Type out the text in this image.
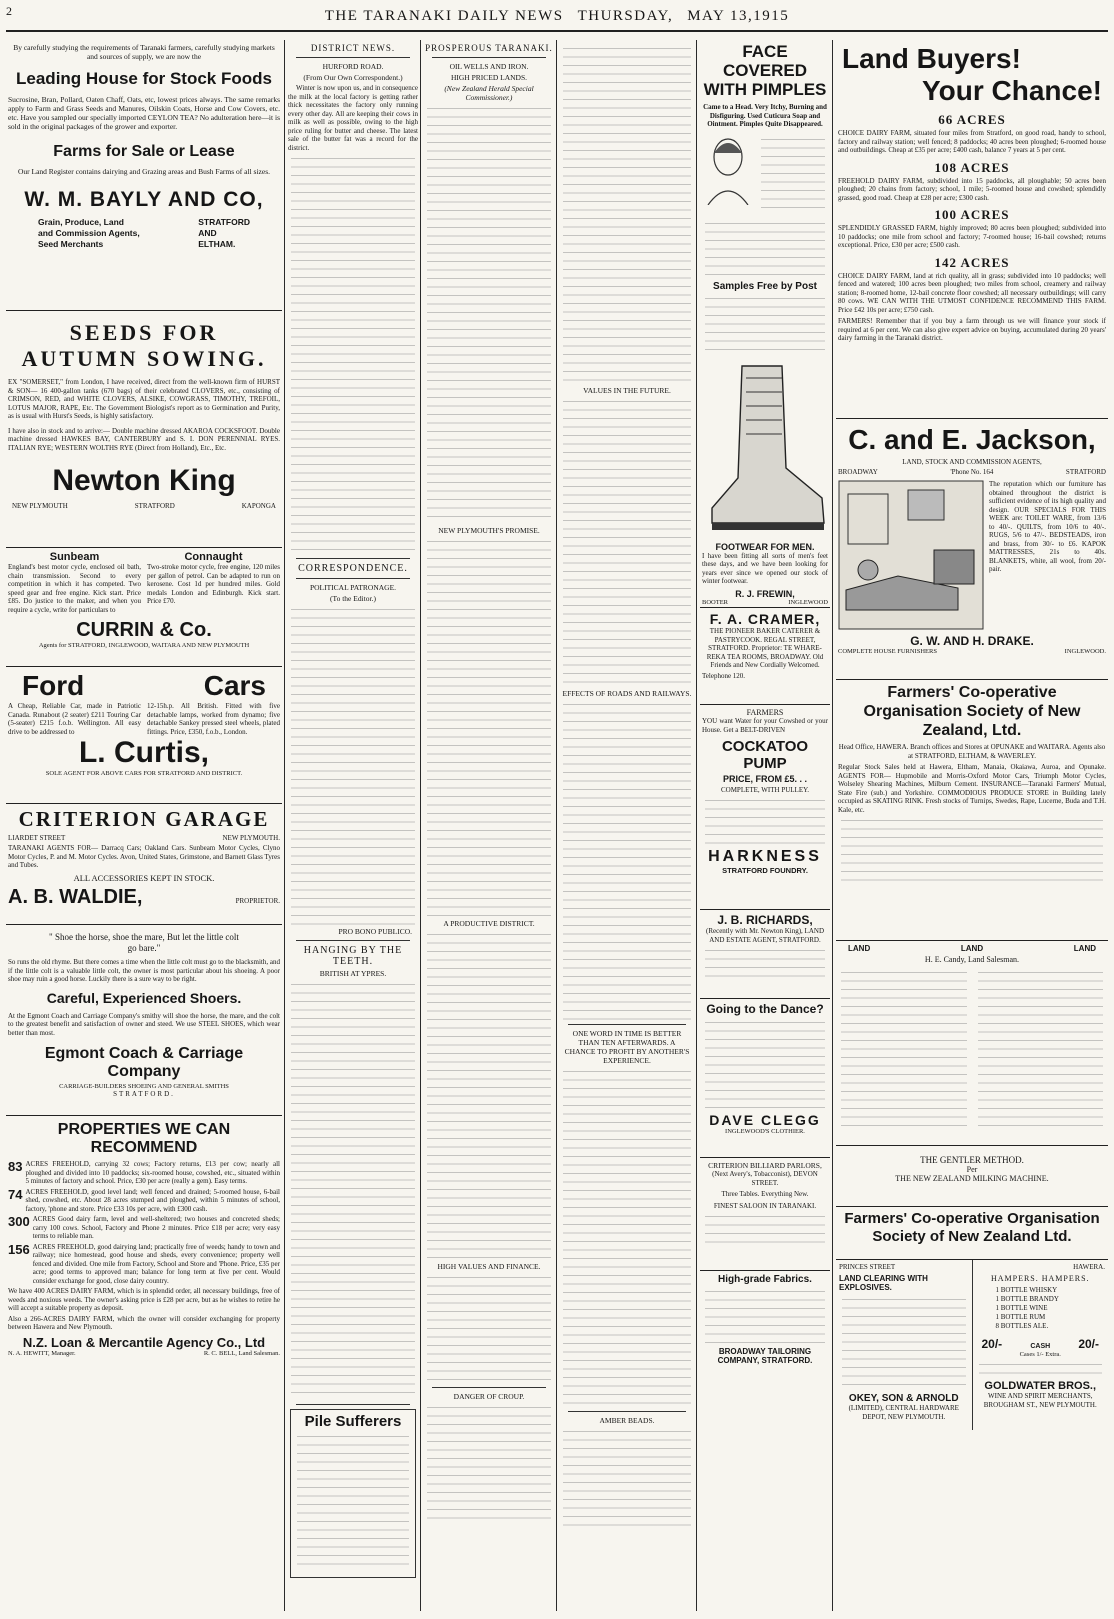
2	THE TARANAKI DAILY NEWS THURSDAY, MAY 13,1915
By carefully studying the requirements of Taranaki farmers, carefully studying markets and sources of supply, we are now the
Leading House for Stock Foods
Sucrosine, Bran, Pollard, Oaten Chaff, Oats, etc, lowest prices always. The same remarks apply to Farm and Grass Seeds and Manures, Oilskin Coats, Horse and Cow Covers, etc. etc. Have you sampled our specially imported CEYLON TEA? No adulteration here—it is sold in the original packages of the grower and exporter.
Farms for Sale or Lease
Our Land Register contains dairying and Grazing areas and Bush Farms of all sizes.
W. M. BAYLY AND CO,
Grain, Produce, Land
and Commission Agents,
Seed Merchants
STRATFORD
AND
ELTHAM.
SEEDS FOR AUTUMN SOWING.
EX "SOMERSET," from London, I have received, direct from the well-known firm of HURST & SON— 16 400-gallon tanks (670 bags) of their celebrated CLOVERS, etc., consisting of CRIMSON, RED, and WHITE CLOVERS, ALSIKE, COWGRASS, TIMOTHY, TREFOIL, LOTUS MAJOR, RAPE, Etc. The Government Biologist's report as to Germination and Purity, as is usual with Hurst's Seeds, is highly satisfactory.
I have also in stock and to arrive:— Double machine dressed AKAROA COCKSFOOT. Double machine dressed HAWKES BAY, CANTERBURY and S. I. DON PERENNIAL RYES. ITALIAN RYE; WESTERN WOLTHS RYE (Direct from Holland), Etc., Etc.
Newton King
NEW PLYMOUTH	STRATFORD	KAPONGA
Sunbeam
England's best motor cycle, enclosed oil bath, chain transmission. Second to every competition in which it has competed. Two speed gear and free engine. Kick start. Price £85. Do justice to the maker, and when you require a cycle, write for particulars to
Connaught
Two-stroke motor cycle, free engine, 120 miles per gallon of petrol. Can be adapted to run on kerosene. Cost 1d per hundred miles. Gold medals London and Edinburgh. Kick start. Price £70.
CURRIN & Co.
Agents for STRATFORD, INGLEWOOD, WAITARA AND NEW PLYMOUTH
Ford	Cars
A Cheap, Reliable Car, made in Patriotic Canada. Runabout (2 seater) £211 Touring Car (5-seater) £215 f.o.b. Wellington. All easy drive to be addressed to
12-15h.p. All British. Fitted with five detachable lamps, worked from dynamo; five detachable Sankey pressed steel wheels, plated fittings. Price, £350, f.o.b., London.
L. Curtis,
SOLE AGENT FOR ABOVE CARS FOR STRATFORD AND DISTRICT.
CRITERION GARAGE
LIARDET STREET	NEW PLYMOUTH.
TARANAKI AGENTS FOR— Darracq Cars; Oakland Cars. Sunbeam Motor Cycles, Clyno Motor Cycles, P. and M. Motor Cycles. Avon, United States, Grimstone, and Barnett Glass Tyres and Tubes.
ALL ACCESSORIES KEPT IN STOCK.
A. B. WALDIE,	PROPRIETOR.
" Shoe the horse, shoe the mare, But let the little colt go bare."
So runs the old rhyme. But there comes a time when the little colt must go to the blacksmith, and if the little colt is a valuable little colt, the owner is most particular about his shoeing. A poor shoe may ruin a good horse. Luckily there is a sure way to be right.
Careful, Experienced Shoers.
At the Egmont Coach and Carriage Company's smithy will shoe the horse, the mare, and the colt to the greatest benefit and satisfaction of owner and steed. We use STEEL SHOES, which wear better than most.
Egmont Coach & Carriage Company
CARRIAGE-BUILDERS SHOEING AND GENERAL SMITHS
STRATFORD.
PROPERTIES WE CAN RECOMMEND
83 ACRES FREEHOLD, carrying 32 cows; Factory returns, £13 per cow; nearly all ploughed and divided into 10 paddocks; six-roomed house, cowshed, etc., situated within 5 minutes of factory and school. Price, £30 per acre (really a gem). Easy terms.
74 ACRES FREEHOLD, good level land; well fenced and drained; 5-roomed house, 6-bail shed, cowshed, etc. About 28 acres stumped and ploughed, within 5 minutes of school, factory, 'phone and store. Price £33 10s per acre, with £300 cash.
300 ACRES Good dairy farm, level and well-sheltered; two houses and concreted sheds; carry 100 cows. School, Factory and Phone 2 minutes. Price £18 per acre; very easy terms to reliable man.
156 ACRES FREEHOLD, good dairying land; practically free of weeds; handy to town and railway; nice homestead, good house and sheds, every convenience; property well fenced and divided. One mile from Factory, School and Store and 'Phone. Price, £35 per acre; good terms to approved man; balance for long term at five per cent. Would consider exchange for good, close dairy country.
We have 400 ACRES DAIRY FARM, which is in splendid order, all necessary buildings, free of weeds and noxious weeds. The owner's asking price is £28 per acre, but as he wishes to retire he will accept a suitable property as deposit.
Also a 266-ACRES DAIRY FARM, which the owner will consider exchanging for property between Hawera and New Plymouth.
N.Z. Loan & Mercantile Agency Co., Ltd
N. A. HEWITT, Manager.	R. C. BELL, Land Salesman.
DISTRICT NEWS.
HURFORD ROAD.
(From Our Own Correspondent.)
Winter is now upon us, and in consequence the milk at the local factory is getting rather thick necessitates the factory only running every other day. All are keeping their cows in milk as well as possible, owing to the high price ruling for butter and cheese. The latest sale of the butter fat was a record for the district.
CORRESPONDENCE.
POLITICAL PATRONAGE.
(To the Editor.)
PRO BONO PUBLICO.
HANGING BY THE TEETH.
BRITISH AT YPRES.
Pile Sufferers
PROSPEROUS TARANAKI.
OIL WELLS AND IRON.
HIGH PRICED LANDS.
(New Zealand Herald Special Commissioner.)
NEW PLYMOUTH'S PROMISE.
A PRODUCTIVE DISTRICT.
HIGH VALUES AND FINANCE.
DANGER OF CROUP.
VALUES IN THE FUTURE.
EFFECTS OF ROADS AND RAILWAYS.
ONE WORD IN TIME IS BETTER THAN TEN AFTERWARDS. A CHANCE TO PROFIT BY ANOTHER'S EXPERIENCE.
AMBER BEADS.
FACE COVERED WITH PIMPLES
Came to a Head. Very Itchy, Burning and Disfiguring. Used Cuticura Soap and Ointment. Pimples Quite Disappeared.
Samples Free by Post
FOOTWEAR FOR MEN.
I have been fitting all sorts of men's feet these days, and we have been looking for years ever since we opened our stock of winter footwear.
R. J. FREWIN,
BOOTER	INGLEWOOD
F. A. CRAMER,
THE PIONEER BAKER CATERER & PASTRYCOOK. REGAL STREET, STRATFORD. Proprietor: TE WHARE-REKA TEA ROOMS, BROADWAY. Old Friends and New Cordially Welcomed.
Telephone 120.
FARMERS
YOU want Water for your Cowshed or your House. Get a BELT-DRIVEN
COCKATOO PUMP
PRICE, FROM £5. . .
COMPLETE, WITH PULLEY.
HARKNESS
STRATFORD FOUNDRY.
J. B. RICHARDS,
(Recently with Mr. Newton King), LAND AND ESTATE AGENT, STRATFORD.
Going to the Dance?
DAVE CLEGG
INGLEWOOD'S CLOTHIER.
CRITERION BILLIARD PARLORS,
(Next Avery's, Tobacconist), DEVON STREET.
Three Tables. Everything New.
FINEST SALOON IN TARANAKI.
High-grade Fabrics.
BROADWAY TAILORING COMPANY, STRATFORD.
Land Buyers!
Your Chance!
66 ACRES
CHOICE DAIRY FARM, situated four miles from Stratford, on good road, handy to school, factory and railway station; well fenced; 8 paddocks; 40 acres been ploughed; 6-roomed house and outbuildings. Cheap at £35 per acre; £400 cash, balance 7 years at 5 per cent.
108 ACRES
FREEHOLD DAIRY FARM, subdivided into 15 paddocks, all ploughable; 50 acres been ploughed; 20 chains from factory; school, 1 mile; 5-roomed house and cowshed; splendidly grassed, good road. Cheap at £28 per acre; £300 cash.
100 ACRES
SPLENDIDLY GRASSED FARM, highly improved; 80 acres been ploughed; subdivided into 10 paddocks; one mile from school and factory; 7-roomed house; 16-bail cowshed; returns exceptional. Price, £30 per acre; £500 cash.
142 ACRES
CHOICE DAIRY FARM, land at rich quality, all in grass; subdivided into 10 paddocks; well fenced and watered; 100 acres been ploughed; two miles from school, creamery and railway station; 8-roomed home, 12-bail concrete floor cowshed; all necessary outbuildings; will carry 80 cows. WE CAN WITH THE UTMOST CONFIDENCE RECOMMEND THIS FARM. Price £42 10s per acre; £750 cash.
FARMERS! Remember that if you buy a farm through us we will finance your stock if required at 6 per cent. We can also give expert advice on buying, accumulated during 20 years' dairy farming in the Taranaki district.
C. and E. Jackson,
LAND, STOCK AND COMMISSION AGENTS,
BROADWAY	'Phone No. 164	STRATFORD
The reputation which our furniture has obtained throughout the district is sufficient evidence of its high quality and design. OUR SPECIALS FOR THIS WEEK are: TOILET WARE, from 13/6 to 40/-. QUILTS, from 10/6 to 40/-. RUGS, 5/6 to 47/-. BEDSTEADS, iron and brass, from 30/- to £6. KAPOK MATTRESSES, 21s to 40s. BLANKETS, white, all wool, from 20/- pair.
G. W. AND H. DRAKE.
COMPLETE HOUSE FURNISHERS	INGLEWOOD.
Farmers' Co-operative Organisation Society of New Zealand, Ltd.
Head Office, HAWERA. Branch offices and Stores at OPUNAKE and WAITARA. Agents also at STRATFORD, ELTHAM, & WAVERLEY.
Regular Stock Sales held at Hawera, Eltham, Manaia, Okaiawa, Auroa, and Opunake. AGENTS FOR— Hupmobile and Morris-Oxford Motor Cars, Triumph Motor Cycles, Wolseley Shearing Machines, Milburn Cement. INSURANCE—Taranaki Farmers' Mutual, State Fire (sub.) and Yorkshire. COMMODIOUS PRODUCE STORE in Building lately occupied as SKATING RINK. Fresh stocks of Turnips, Swedes, Rape, Lucerne, Buda and T.H. Kale, etc.
LAND	LAND	LAND
H. E. Candy, Land Salesman.
THE GENTLER METHOD.
Per
THE NEW ZEALAND MILKING MACHINE.
Farmers' Co-operative Organisation Society of New Zealand Ltd.
PRINCES STREET
LAND CLEARING WITH EXPLOSIVES.
OKEY, SON & ARNOLD
(LIMITED), CENTRAL HARDWARE DEPOT, NEW PLYMOUTH.
HAWERA.
HAMPERS. HAMPERS.
1 BOTTLE WHISKY
1 BOTTLE BRANDY
1 BOTTLE WINE
1 BOTTLE RUM
8 BOTTLES ALE.
20/-	CASH 20/-
Cases 1/- Extra.
GOLDWATER BROS.,
WINE AND SPIRIT MERCHANTS, BROUGHAM ST., NEW PLYMOUTH.
